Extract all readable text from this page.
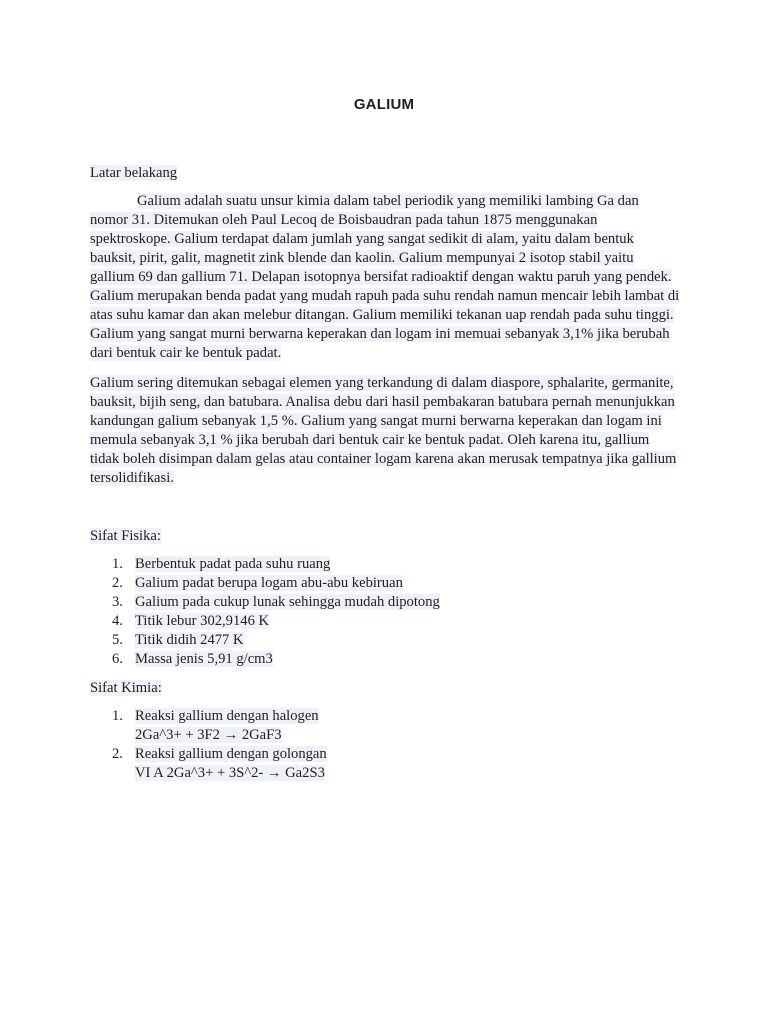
GALIUM

Latar belakang

Galium adalah suatu unsur kimia dalam tabel periodik yang memiliki lambing Ga dan nomor 31. Ditemukan oleh Paul Lecoq de Boisbaudran pada tahun 1875 menggunakan spektroskope. Galium terdapat dalam jumlah yang sangat sedikit di alam, yaitu dalam bentuk bauksit, pirit, galit, magnetit zink blende dan kaolin. Galium mempunyai 2 isotop stabil yaitu gallium 69 dan gallium 71. Delapan isotopnya bersifat radioaktif dengan waktu paruh yang pendek. Galium merupakan benda padat yang mudah rapuh pada suhu rendah namun mencair lebih lambat di atas suhu kamar dan akan melebur ditangan. Galium memiliki tekanan uap rendah pada suhu tinggi. Galium yang sangat murni berwarna keperakan dan logam ini memuai sebanyak 3,1% jika berubah dari bentuk cair ke bentuk padat.

Galium sering ditemukan sebagai elemen yang terkandung di dalam diaspore, sphalarite, germanite, bauksit, bijih seng, dan batubara. Analisa debu dari hasil pembakaran batubara pernah menunjukkan kandungan galium sebanyak 1,5 %. Galium yang sangat murni berwarna keperakan dan logam ini memula sebanyak 3,1 % jika berubah dari bentuk cair ke bentuk padat. Oleh karena itu, gallium tidak boleh disimpan dalam gelas atau container logam karena akan merusak tempatnya jika gallium tersolidifikasi.

Sifat Fisika:

1. Berbentuk padat pada suhu ruang
2. Galium padat berupa logam abu-abu kebiruan
3. Galium pada cukup lunak sehingga mudah dipotong
4. Titik lebur 302,9146 K
5. Titik didih 2477 K
6. Massa jenis 5,91 g/cm3

Sifat Kimia:

1. Reaksi gallium dengan halogen
2Ga^3+ + 3F2 → 2GaF3
2. Reaksi gallium dengan golongan
VI A 2Ga^3+ + 3S^2- → Ga2S3
